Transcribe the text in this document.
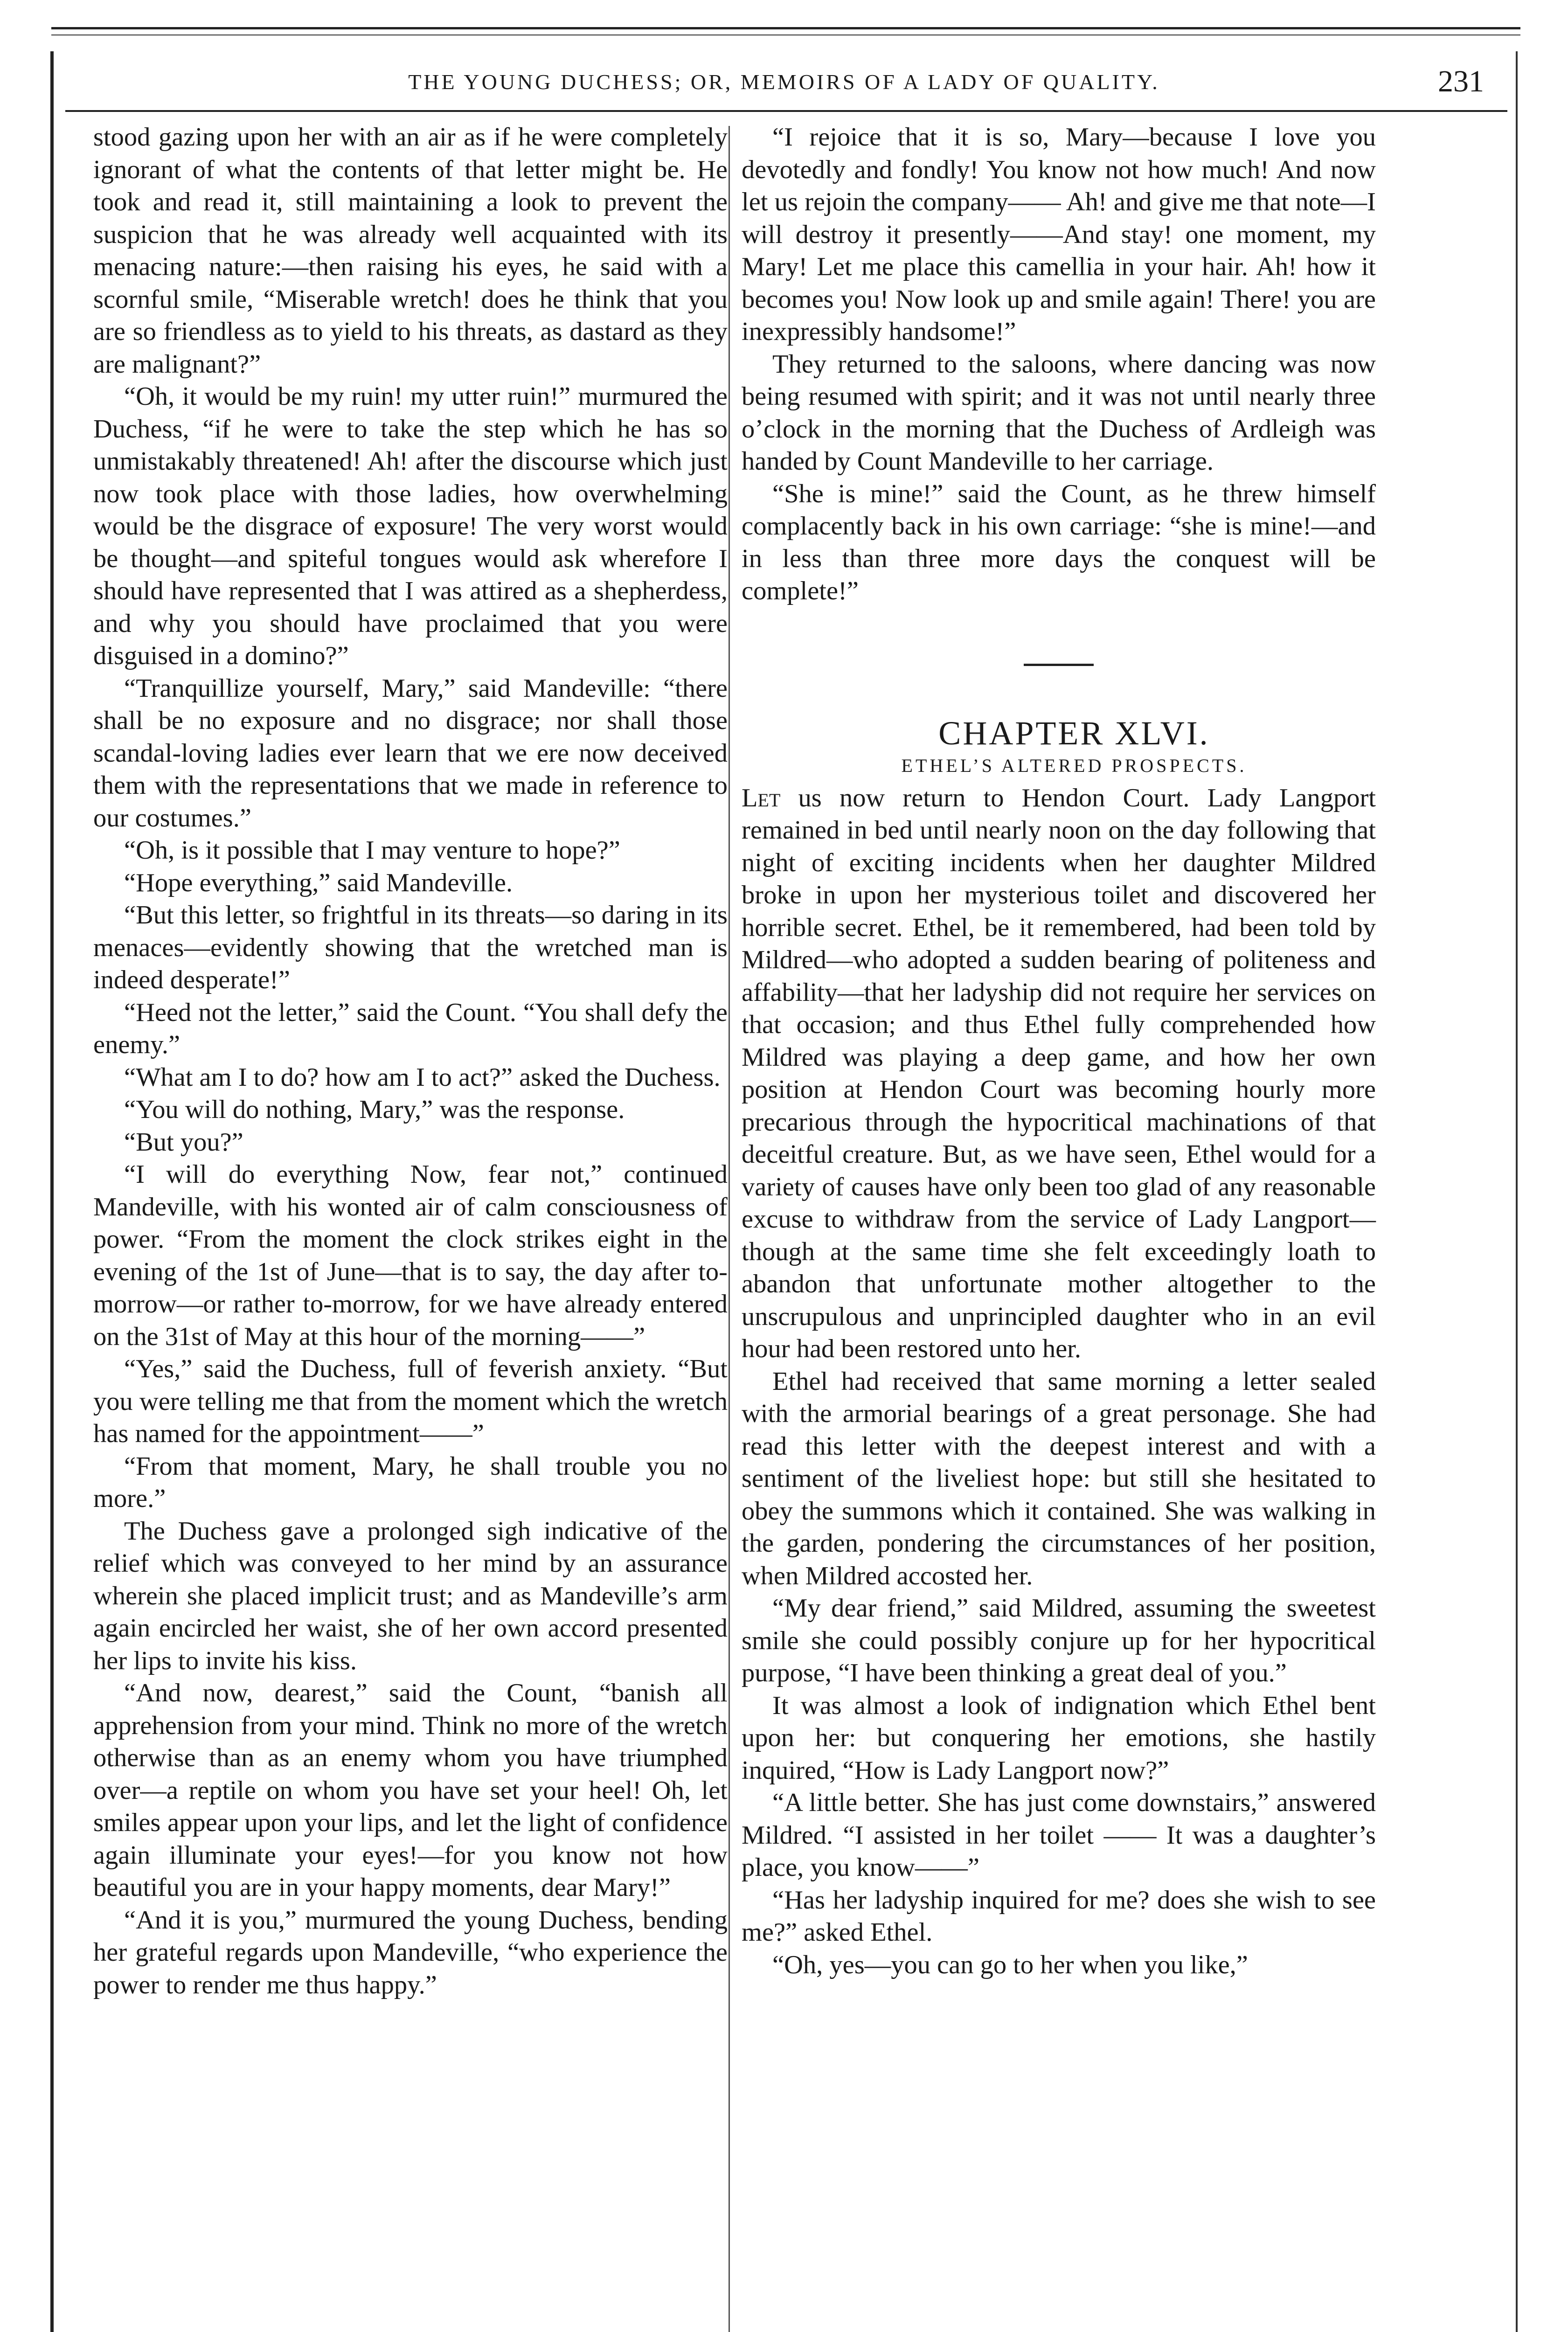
THE YOUNG DUCHESS; OR, MEMOIRS OF A LADY OF QUALITY.	231

stood gazing upon her with an air as if he were completely ignorant of what the contents of that letter might be. He took and read it, still maintaining a look to prevent the suspicion that he was already well acquainted with its menacing nature:—then raising his eyes, he said with a scornful smile, “Miserable wretch! does he think that you are so friendless as to yield to his threats, as dastard as they are malignant?”

“Oh, it would be my ruin! my utter ruin!” murmured the Duchess, “if he were to take the step which he has so unmistakably threatened! Ah! after the discourse which just now took place with those ladies, how overwhelming would be the disgrace of exposure! The very worst would be thought—and spiteful tongues would ask wherefore I should have represented that I was attired as a shepherdess, and why you should have proclaimed that you were disguised in a domino?”

“Tranquillize yourself, Mary,” said Mandeville: “there shall be no exposure and no disgrace; nor shall those scandal-loving ladies ever learn that we ere now deceived them with the representations that we made in reference to our costumes.”

“Oh, is it possible that I may venture to hope?”

“Hope everything,” said Mandeville.

“But this letter, so frightful in its threats—so daring in its menaces—evidently showing that the wretched man is indeed desperate!”

“Heed not the letter,” said the Count. “You shall defy the enemy.”

“What am I to do? how am I to act?” asked the Duchess.

“You will do nothing, Mary,” was the response.

“But you?”

“I will do everything Now, fear not,” continued Mandeville, with his wonted air of calm consciousness of power. “From the moment the clock strikes eight in the evening of the 1st of June—that is to say, the day after to-morrow—or rather to-morrow, for we have already entered on the 31st of May at this hour of the morning——”

“Yes,” said the Duchess, full of feverish anxiety. “But you were telling me that from the moment which the wretch has named for the appointment——”

“From that moment, Mary, he shall trouble you no more.”

The Duchess gave a prolonged sigh indicative of the relief which was conveyed to her mind by an assurance wherein she placed implicit trust; and as Mandeville’s arm again encircled her waist, she of her own accord presented her lips to invite his kiss.

“And now, dearest,” said the Count, “banish all apprehension from your mind. Think no more of the wretch otherwise than as an enemy whom you have triumphed over—a reptile on whom you have set your heel! Oh, let smiles appear upon your lips, and let the light of confidence again illuminate your eyes!—for you know not how beautiful you are in your happy moments, dear Mary!”

“And it is you,” murmured the young Duchess, bending her grateful regards upon Mandeville, “who experience the power to render me thus happy.”

“I rejoice that it is so, Mary—because I love you devotedly and fondly! You know not how much! And now let us rejoin the company—— Ah! and give me that note—I will destroy it presently——And stay! one moment, my Mary! Let me place this camellia in your hair. Ah! how it becomes you! Now look up and smile again! There! you are inexpressibly handsome!”

They returned to the saloons, where dancing was now being resumed with spirit; and it was not until nearly three o’clock in the morning that the Duchess of Ardleigh was handed by Count Mandeville to her carriage.

“She is mine!” said the Count, as he threw himself complacently back in his own carriage: “she is mine!—and in less than three more days the conquest will be complete!”

CHAPTER XLVI.

ETHEL’S ALTERED PROSPECTS.

Let us now return to Hendon Court. Lady Langport remained in bed until nearly noon on the day following that night of exciting incidents when her daughter Mildred broke in upon her mysterious toilet and discovered her horrible secret. Ethel, be it remembered, had been told by Mildred—who adopted a sudden bearing of politeness and affability—that her ladyship did not require her services on that occasion; and thus Ethel fully comprehended how Mildred was playing a deep game, and how her own position at Hendon Court was becoming hourly more precarious through the hypocritical machinations of that deceitful creature. But, as we have seen, Ethel would for a variety of causes have only been too glad of any reasonable excuse to withdraw from the service of Lady Langport—though at the same time she felt exceedingly loath to abandon that unfortunate mother altogether to the unscrupulous and unprincipled daughter who in an evil hour had been restored unto her.

Ethel had received that same morning a letter sealed with the armorial bearings of a great personage. She had read this letter with the deepest interest and with a sentiment of the liveliest hope: but still she hesitated to obey the summons which it contained. She was walking in the garden, pondering the circumstances of her position, when Mildred accosted her.

“My dear friend,” said Mildred, assuming the sweetest smile she could possibly conjure up for her hypocritical purpose, “I have been thinking a great deal of you.”

It was almost a look of indignation which Ethel bent upon her: but conquering her emotions, she hastily inquired, “How is Lady Langport now?”

“A little better. She has just come downstairs,” answered Mildred. “I assisted in her toilet —— It was a daughter’s place, you know——”

“Has her ladyship inquired for me? does she wish to see me?” asked Ethel.

“Oh, yes—you can go to her when you like,”
